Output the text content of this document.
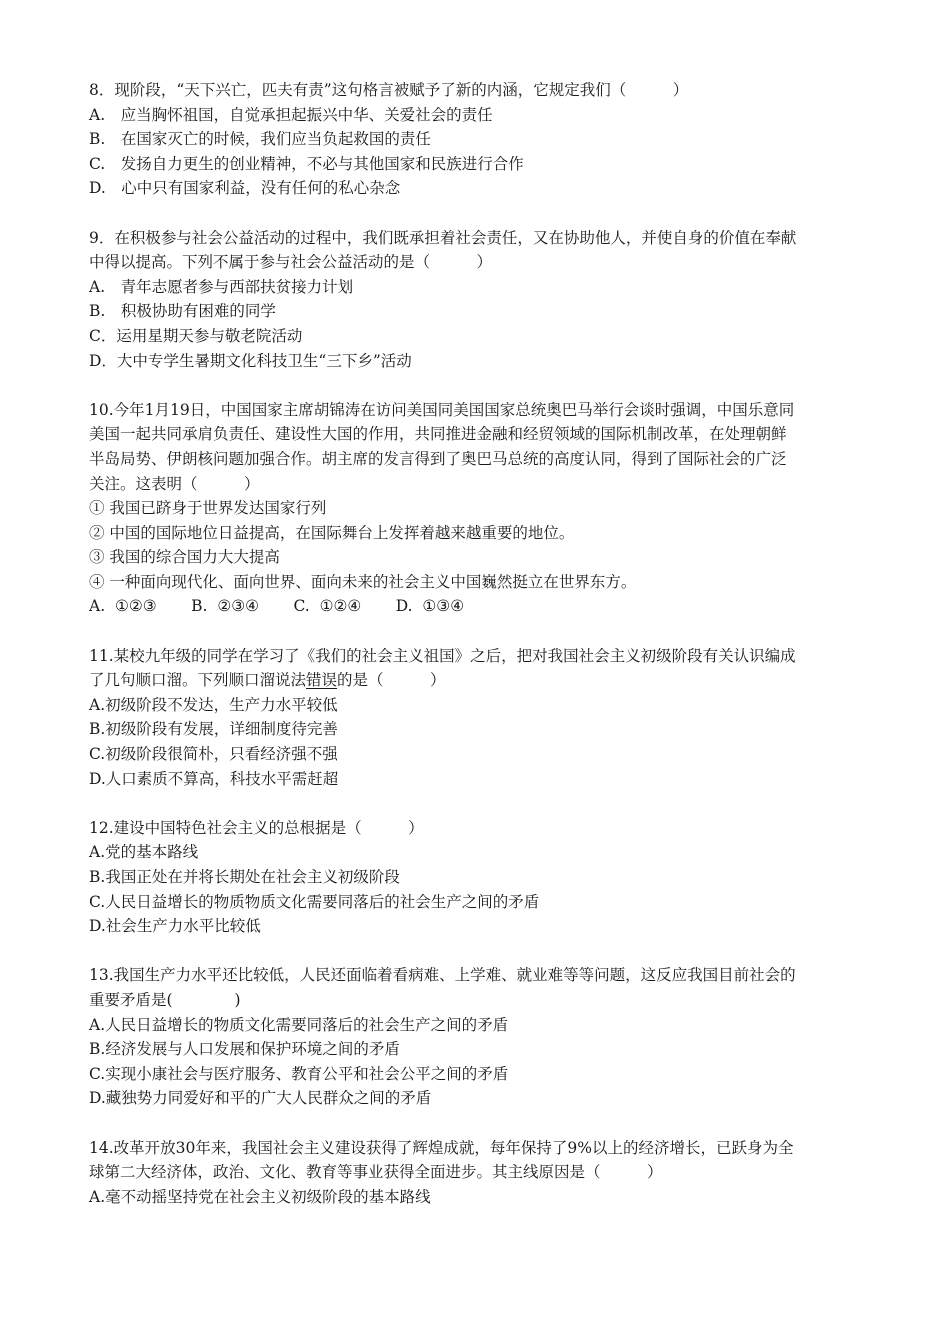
8．现阶段，“天下兴亡，匹夫有责”这句格言被赋予了新的内涵，它规定我们（　　　）
A.　应当胸怀祖国，自觉承担起振兴中华、关爱社会的责任
B.　在国家灭亡的时候，我们应当负起救国的责任
C.　发扬自力更生的创业精神，不必与其他国家和民族进行合作
D.　心中只有国家利益，没有任何的私心杂念
9．在积极参与社会公益活动的过程中，我们既承担着社会责任，又在协助他人，并使自身的价值在奉献
中得以提高。下列不属于参与社会公益活动的是（　　　）
A.　青年志愿者参与西部扶贫接力计划
B.　积极协助有困难的同学
C．运用星期天参与敬老院活动
D．大中专学生暑期文化科技卫生“三下乡”活动
10.今年1月19日，中国国家主席胡锦涛在访问美国同美国国家总统奥巴马举行会谈时强调，中国乐意同
美国一起共同承肩负责任、建设性大国的作用，共同推进金融和经贸领域的国际机制改革，在处理朝鲜
半岛局势、伊朗核问题加强合作。胡主席的发言得到了奥巴马总统的高度认同，得到了国际社会的广泛
关注。这表明（　　　）
① 我国已跻身于世界发达国家行列
② 中国的国际地位日益提高，在国际舞台上发挥着越来越重要的地位。
③ 我国的综合国力大大提高
④ 一种面向现代化、面向世界、面向未来的社会主义中国巍然挺立在世界东方。
A.  ①②③       B.  ②③④       C.  ①②④       D.  ①③④
11.某校九年级的同学在学习了《我们的社会主义祖国》之后，把对我国社会主义初级阶段有关认识编成
了几句顺口溜。下列顺口溜说法错误的是（　　　）
A.初级阶段不发达，生产力水平较低
B.初级阶段有发展，详细制度待完善
C.初级阶段很简朴，只看经济强不强
D.人口素质不算高，科技水平需赶超
12.建设中国特色社会主义的总根据是（　　　）
A.党的基本路线
B.我国正处在并将长期处在社会主义初级阶段
C.人民日益增长的物质物质文化需要同落后的社会生产之间的矛盾
D.社会生产力水平比较低
13.我国生产力水平还比较低，人民还面临着看病难、上学难、就业难等等问题，这反应我国目前社会的
重要矛盾是(　　　　)
A.人民日益增长的物质文化需要同落后的社会生产之间的矛盾
B.经济发展与人口发展和保护环境之间的矛盾
C.实现小康社会与医疗服务、教育公平和社会公平之间的矛盾
D.藏独势力同爱好和平的广大人民群众之间的矛盾
14.改革开放30年来，我国社会主义建设获得了辉煌成就，每年保持了9%以上的经济增长，已跃身为全
球第二大经济体，政治、文化、教育等事业获得全面进步。其主线原因是（　　　）
A.毫不动摇坚持党在社会主义初级阶段的基本路线
